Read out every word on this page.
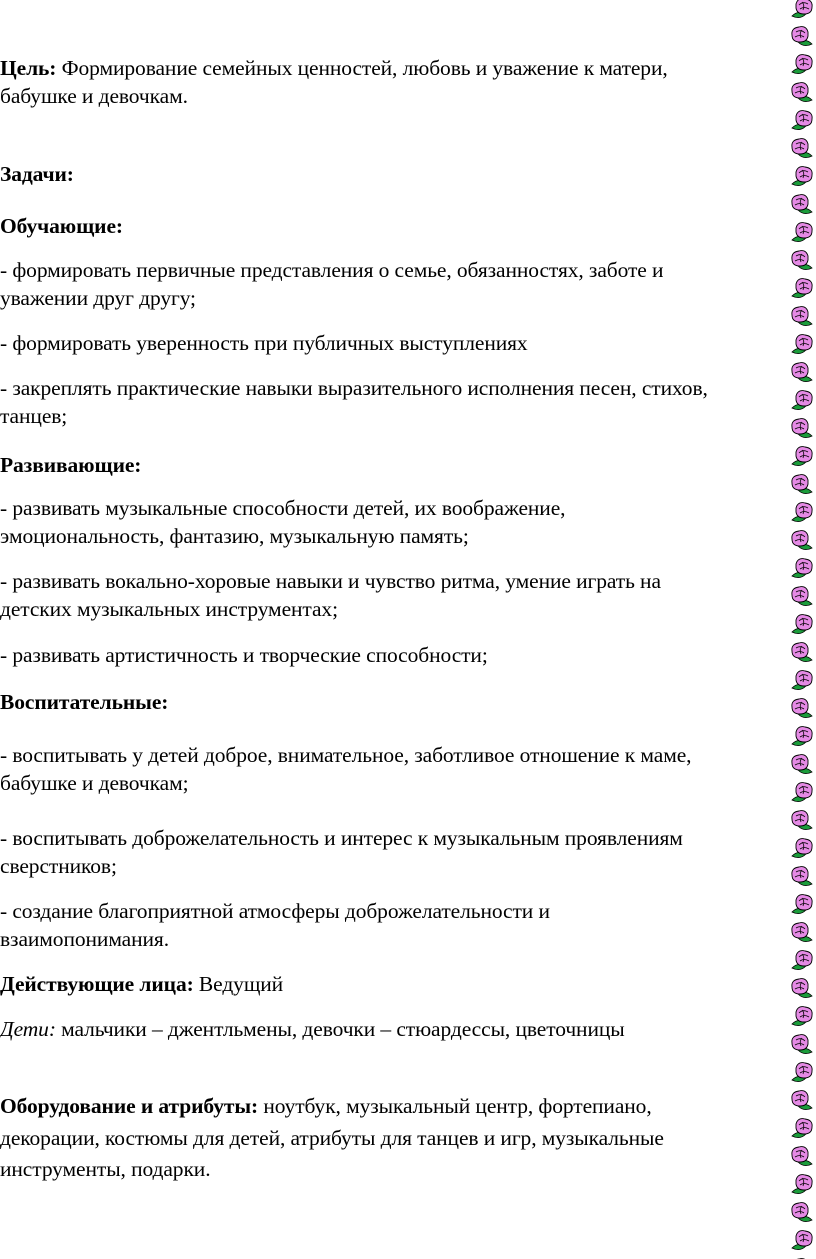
Цель: Формирование семейных ценностей, любовь и уважение к матери,

бабушке и девочкам.

Задачи:

Обучающие:

- формировать первичные представления о семье, обязанностях, заботе и

уважении друг другу;

- формировать уверенность при публичных выступлениях

- закреплять практические навыки выразительного исполнения песен, стихов,

танцев;

Развивающие:

- развивать музыкальные способности детей, их воображение,

эмоциональность, фантазию, музыкальную память;

- развивать вокально-хоровые навыки и чувство ритма, умение играть на

детских музыкальных инструментах;

- развивать артистичность и творческие способности;

Воспитательные:

- воспитывать у детей доброе, внимательное, заботливое отношение к маме,

бабушке и девочкам;

- воспитывать доброжелательность и интерес к музыкальным проявлениям

сверстников;

- создание благоприятной атмосферы доброжелательности и

взаимопонимания.

Действующие лица: Ведущий

Дети: мальчики – джентльмены, девочки – стюардессы, цветочницы

Оборудование и атрибуты: ноутбук, музыкальный центр, фортепиано,

декорации, костюмы для детей, атрибуты для танцев и игр, музыкальные

инструменты, подарки.
